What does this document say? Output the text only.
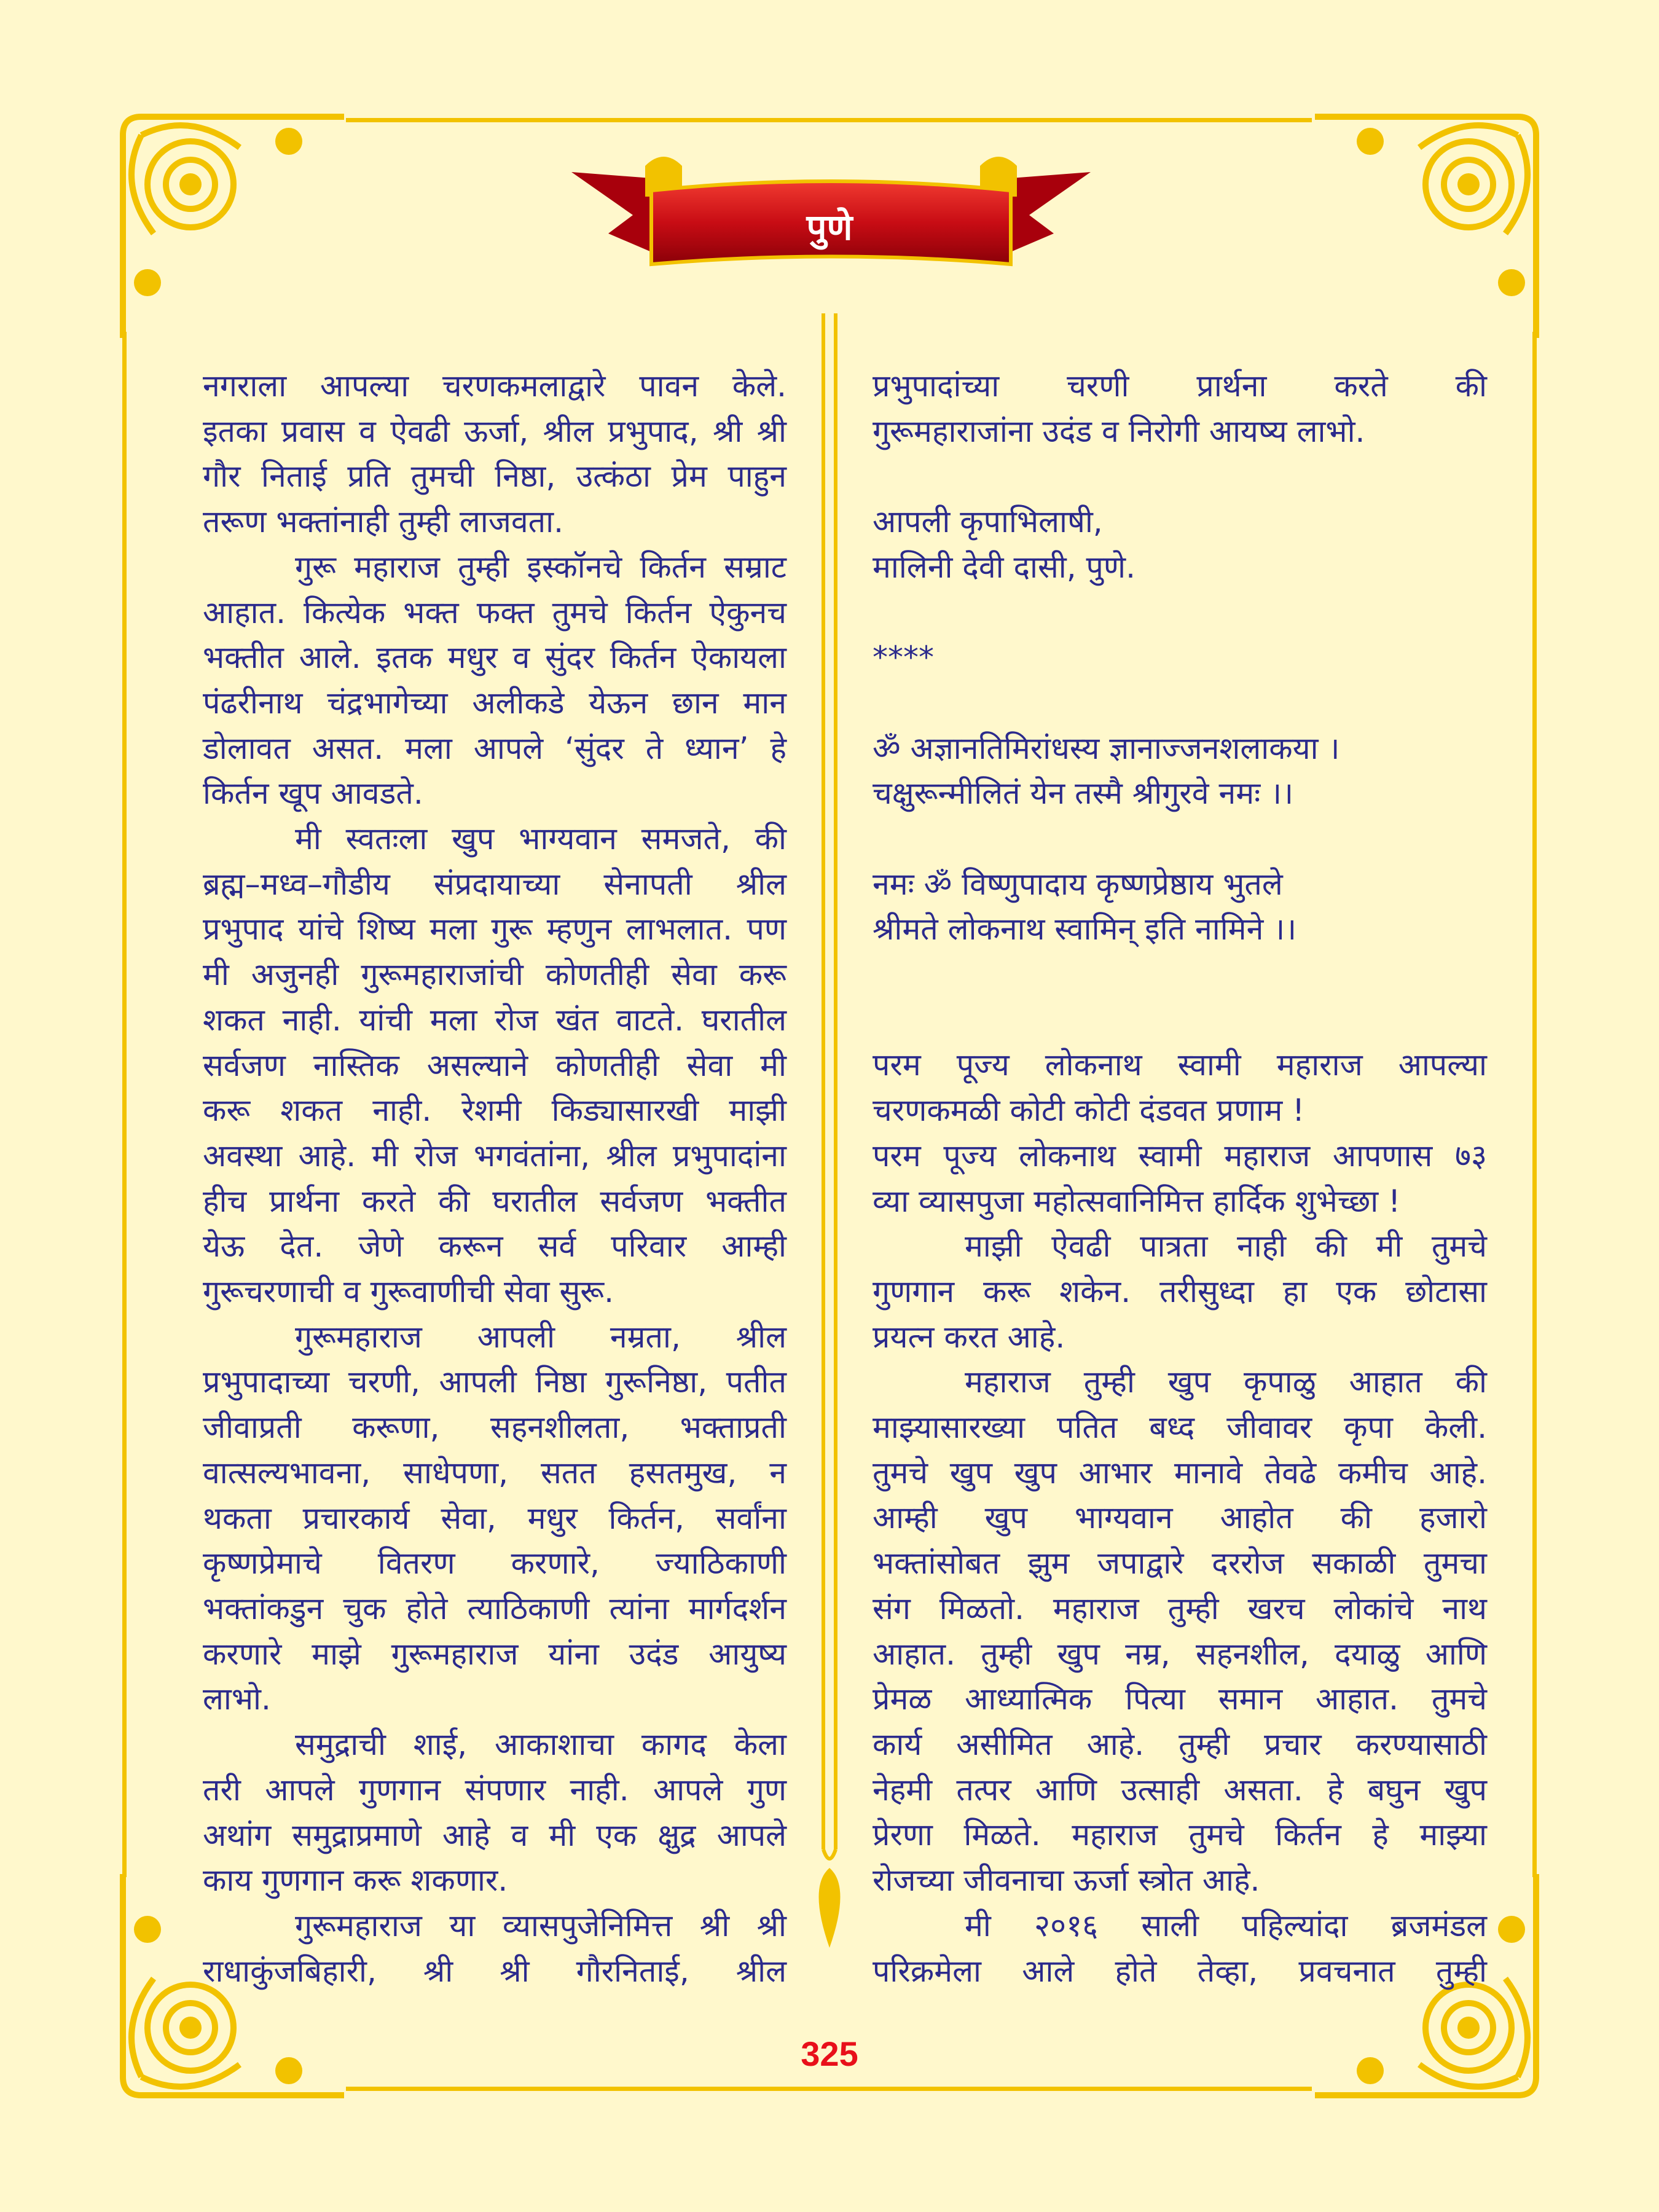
पुणे
नगराला आपल्या चरणकमलाद्वारे पावन केले.
इतका प्रवास व ऐवढी ऊर्जा, श्रील प्रभुपाद, श्री श्री
गौर निताई प्रति तुमची निष्ठा, उत्कंठा प्रेम पाहुन
तरूण भक्तांनाही तुम्ही लाजवता.
गुरू महाराज तुम्ही इस्कॉनचे किर्तन सम्राट
आहात. कित्येक भक्त फक्त तुमचे किर्तन ऐकुनच
भक्तीत आले. इतक मधुर व सुंदर किर्तन ऐकायला
पंढरीनाथ चंद्रभागेच्या अलीकडे येऊन छान मान
डोलावत असत. मला आपले ‘सुंदर ते ध्यान’ हे
किर्तन खूप आवडते.
मी स्वतःला खुप भाग्यवान समजते, की
ब्रह्म–मध्व–गौडीय संप्रदायाच्या सेनापती श्रील
प्रभुपाद यांचे शिष्य मला गुरू म्हणुन लाभलात. पण
मी अजुनही गुरूमहाराजांची कोणतीही सेवा करू
शकत नाही. यांची मला रोज खंत वाटते. घरातील
सर्वजण नास्तिक असल्याने कोणतीही सेवा मी
करू शकत नाही. रेशमी किड्यासारखी माझी
अवस्था आहे. मी रोज भगवंतांना, श्रील प्रभुपादांना
हीच प्रार्थना करते की घरातील सर्वजण भक्तीत
येऊ देत. जेणे करून सर्व परिवार आम्ही
गुरूचरणाची व गुरूवाणीची सेवा सुरू.
गुरूमहाराज आपली नम्रता, श्रील
प्रभुपादाच्या चरणी, आपली निष्ठा गुरूनिष्ठा, पतीत
जीवाप्रती करूणा, सहनशीलता, भक्ताप्रती
वात्सल्यभावना, साधेपणा, सतत हसतमुख, न
थकता प्रचारकार्य सेवा, मधुर किर्तन, सर्वांना
कृष्णप्रेमाचे वितरण करणारे, ज्याठिकाणी
भक्तांकडुन चुक होते त्याठिकाणी त्यांना मार्गदर्शन
करणारे माझे गुरूमहाराज यांना उदंड आयुष्य
लाभो.
समुद्राची शाई, आकाशाचा कागद केला
तरी आपले गुणगान संपणार नाही. आपले गुण
अथांग समुद्राप्रमाणे आहे व मी एक क्षुद्र आपले
काय गुणगान करू शकणार.
गुरूमहाराज या व्यासपुजेनिमित्त श्री श्री
राधाकुंजबिहारी, श्री श्री गौरनिताई, श्रील
प्रभुपादांच्या चरणी प्रार्थना करते की
गुरूमहाराजांना उदंड व निरोगी आयष्य लाभो.
आपली कृपाभिलाषी,
मालिनी देवी दासी, पुणे.
****
ॐ अज्ञानतिमिरांधस्य ज्ञानाज्जनशलाकया ।
चक्षुरून्मीलितं येन तस्मै श्रीगुरवे नमः ।।
नमः ॐ विष्णुपादाय कृष्णप्रेष्ठाय भुतले
श्रीमते लोकनाथ स्वामिन् इति नामिने ।।
परम पूज्य लोकनाथ स्वामी महाराज आपल्या
चरणकमळी कोटी कोटी दंडवत प्रणाम !
परम पूज्य लोकनाथ स्वामी महाराज आपणास ७३
व्या व्यासपुजा महोत्सवानिमित्त हार्दिक शुभेच्छा !
माझी ऐवढी पात्रता नाही की मी तुमचे
गुणगान करू शकेन. तरीसुध्दा हा एक छोटासा
प्रयत्न करत आहे.
महाराज तुम्ही खुप कृपाळु आहात की
माझ्यासारख्या पतित बध्द जीवावर कृपा केली.
तुमचे खुप खुप आभार मानावे तेवढे कमीच आहे.
आम्ही खुप भाग्यवान आहोत की हजारो
भक्तांसोबत झुम जपाद्वारे दररोज सकाळी तुमचा
संग मिळतो. महाराज तुम्ही खरच लोकांचे नाथ
आहात. तुम्ही खुप नम्र, सहनशील, दयाळु आणि
प्रेमळ आध्यात्मिक पित्या समान आहात. तुमचे
कार्य असीमित आहे. तुम्ही प्रचार करण्यासाठी
नेहमी तत्पर आणि उत्साही असता. हे बघुन खुप
प्रेरणा मिळते. महाराज तुमचे किर्तन हे माझ्या
रोजच्या जीवनाचा ऊर्जा स्त्रोत आहे.
मी २०१६ साली पहिल्यांदा ब्रजमंडल
परिक्रमेला आले होते तेव्हा, प्रवचनात तुम्ही
325
